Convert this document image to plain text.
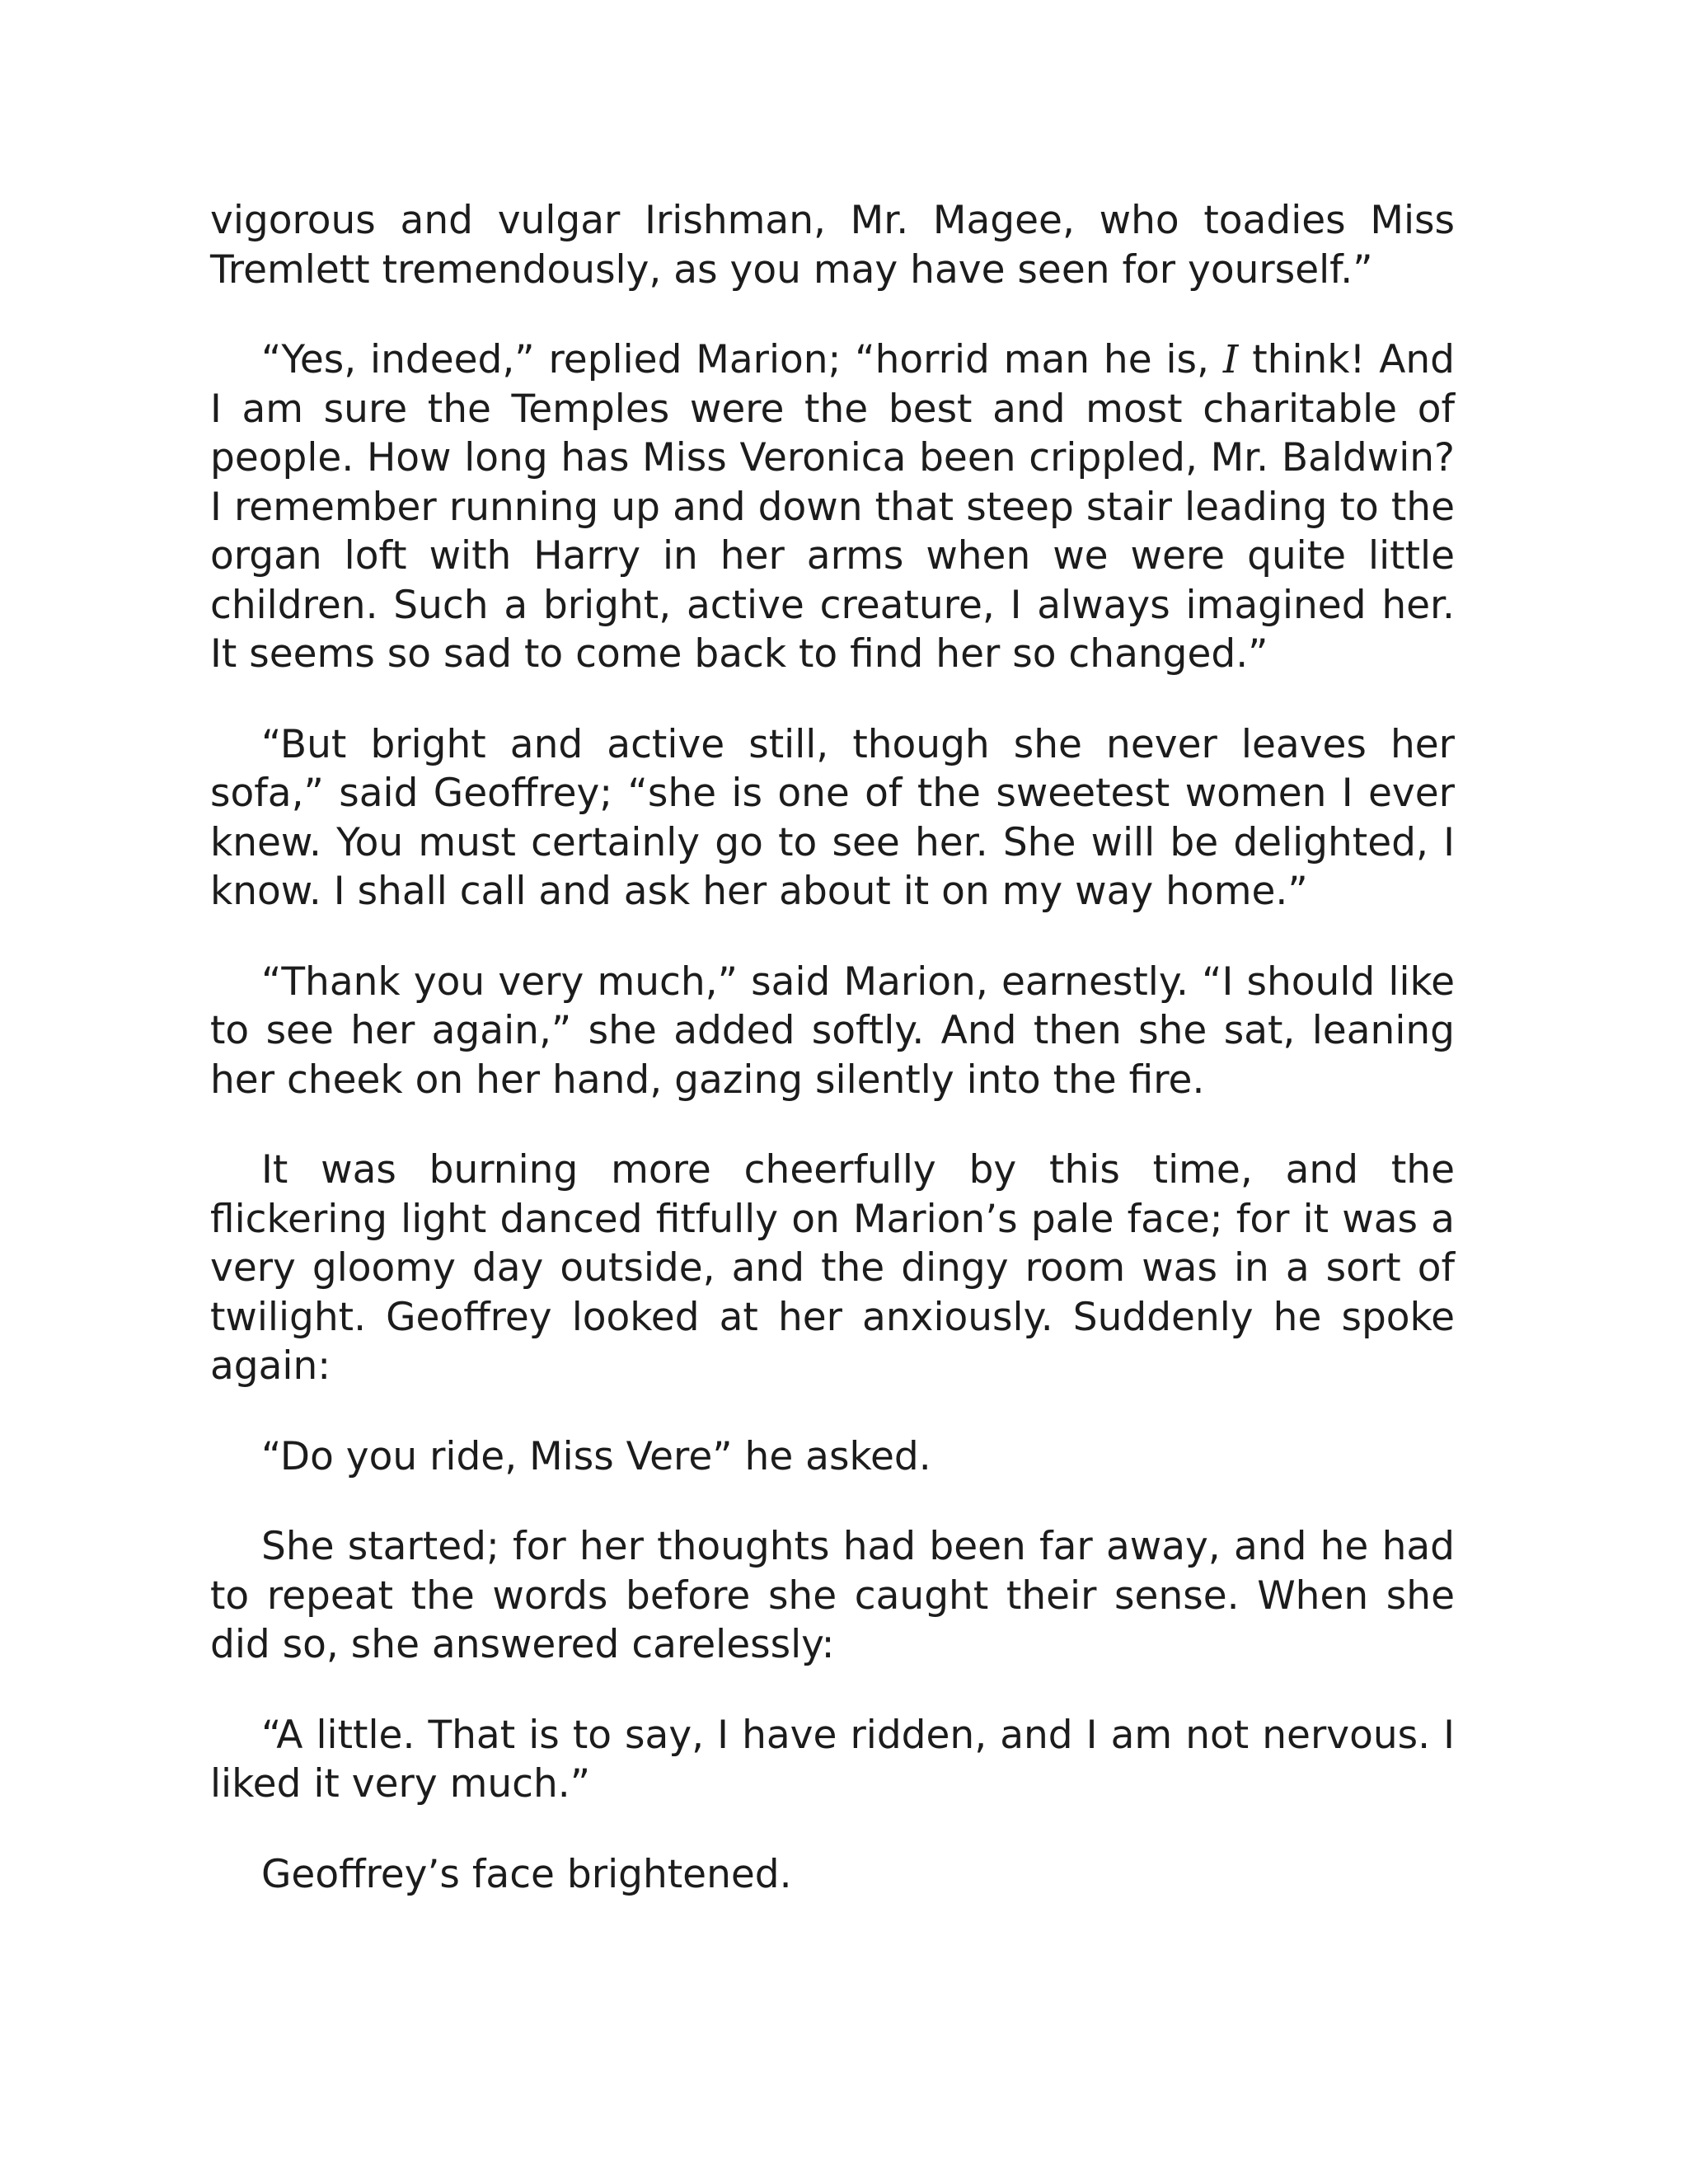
vigorous and vulgar Irishman, Mr. Magee, who toadies Miss Tremlett tremendously, as you may have seen for yourself.”

“Yes, indeed,” replied Marion; “horrid man he is, I think! And I am sure the Temples were the best and most charitable of people. How long has Miss Veronica been crippled, Mr. Baldwin? I remember running up and down that steep stair leading to the organ loft with Harry in her arms when we were quite little children. Such a bright, active creature, I always imagined her. It seems so sad to come back to find her so changed.”

“But bright and active still, though she never leaves her sofa,” said Geoffrey; “she is one of the sweetest women I ever knew. You must certainly go to see her. She will be delighted, I know. I shall call and ask her about it on my way home.”

“Thank you very much,” said Marion, earnestly. “I should like to see her again,” she added softly. And then she sat, leaning her cheek on her hand, gazing silently into the fire.

It was burning more cheerfully by this time, and the flickering light danced fitfully on Marion’s pale face; for it was a very gloomy day outside, and the dingy room was in a sort of twilight. Geoffrey looked at her anxiously. Suddenly he spoke again:

“Do you ride, Miss Vere” he asked.

She started; for her thoughts had been far away, and he had to repeat the words before she caught their sense. When she did so, she answered carelessly:

“A little. That is to say, I have ridden, and I am not nervous. I liked it very much.”

Geoffrey’s face brightened.
